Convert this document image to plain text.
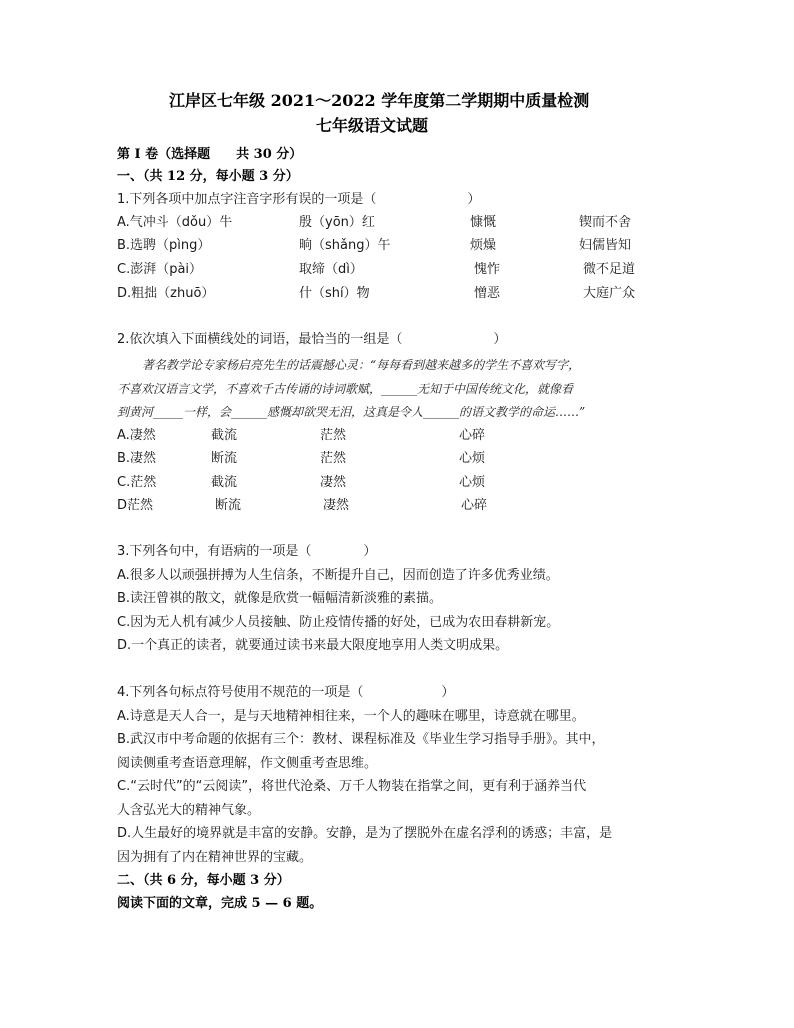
江岸区七年级 2021～2022 学年度第二学期期中质量检测
七年级语文试题
第 I 卷（选择题　　共 30 分）
一、（共 12 分，每小题 3 分）
1.下列各项中加点字注音字形有误的一项是（　　　　　　　）
A.气冲斗（dǒu）牛	殷（yōn）红	慷慨	锲而不舍
B.选聘（pìng）	晌（shǎng）午	烦燥	妇儒皆知
C.澎湃（pài）	取缔（dì）	愧怍	微不足道
D.粗拙（zhuō）	什（shí）物	憎恶	大庭广众
2.依次填入下面横线处的词语，最恰当的一组是（　　　　　　　）
著名教学论专家杨启亮先生的话震撼心灵：“每每看到越来越多的学生不喜欢写字，
不喜欢汉语言文学，不喜欢千古传诵的诗词歌赋，______无知于中国传统文化，就像看
到黄河_____一样，会______感慨却欲哭无泪，这真是令人______的语文教学的命运……”
A.凄然	截流	茫然	心碎
B.凄然	断流	茫然	心烦
C.茫然	截流	凄然	心烦
D茫然	断流	凄然	心碎
3.下列各句中，有语病的一项是（　　　　）
A.很多人以顽强拼搏为人生信条，不断提升自己，因而创造了许多优秀业绩。
B.读汪曾祺的散文，就像是欣赏一幅幅清新淡雅的素描。
C.因为无人机有减少人员接触、防止疫情传播的好处，已成为农田春耕新宠。
D.一个真正的读者，就要通过读书来最大限度地享用人类文明成果。
4.下列各句标点符号使用不规范的一项是（　　　　　　）
A.诗意是天人合一，是与天地精神相往来，一个人的趣味在哪里，诗意就在哪里。
B.武汉市中考命题的依据有三个：教材、课程标准及《毕业生学习指导手册》。其中，
阅读侧重考查语意理解，作文侧重考查思维。
C.“云时代”的“云阅读”，将世代沧桑、万千人物装在指掌之间，更有利于涵养当代
人含弘光大的精神气象。
D.人生最好的境界就是丰富的安静。安静，是为了摆脱外在虚名浮利的诱惑；丰富，是
因为拥有了内在精神世界的宝藏。
二、（共 6 分，每小题 3 分）
阅读下面的文章，完成 5 — 6 题。
